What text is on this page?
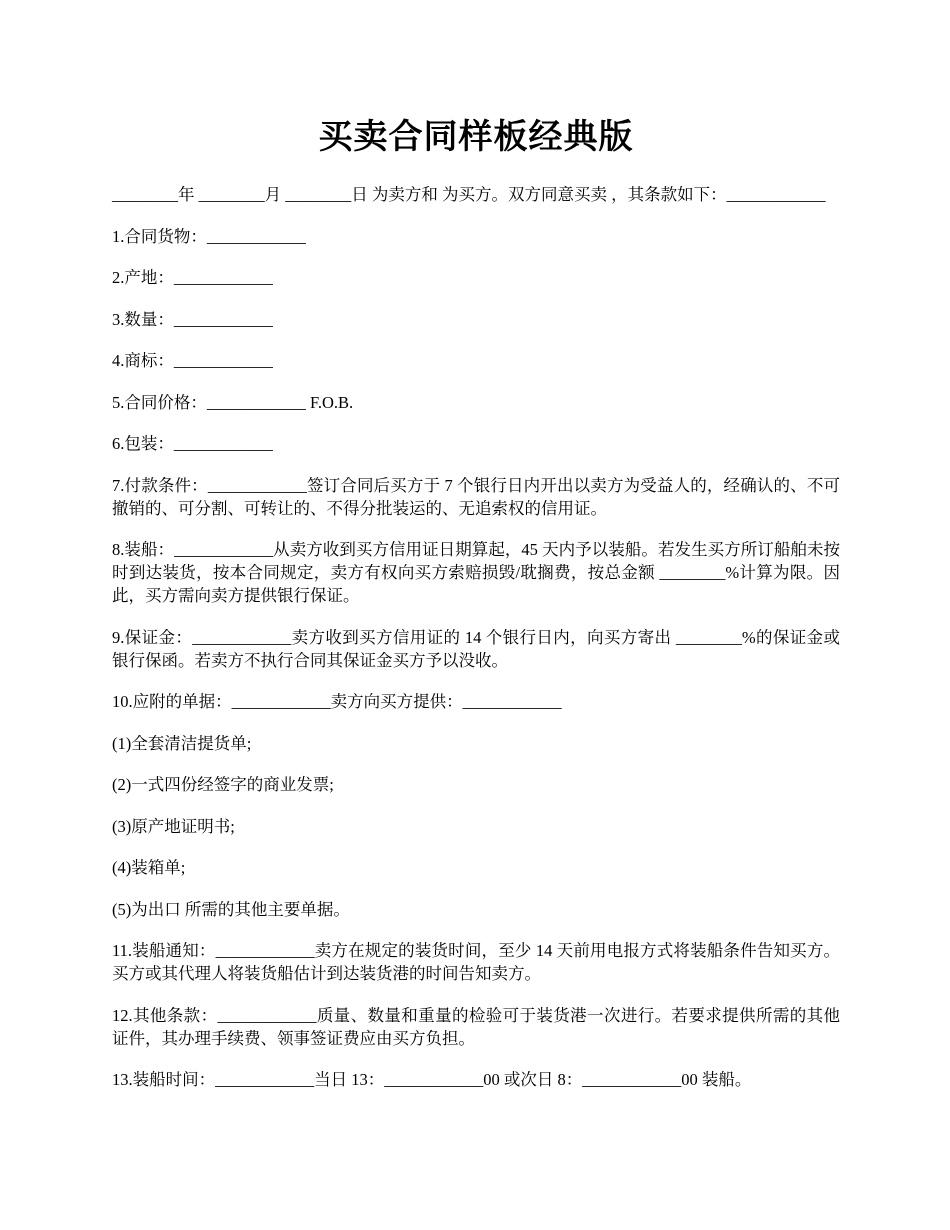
买卖合同样板经典版

________年 ________月 ________日 为卖方和 为买方。双方同意买卖 ，其条款如下：____________

1.合同货物：____________

2.产地：____________

3.数量：____________

4.商标：____________

5.合同价格：____________ F.O.B.

6.包装：____________

7.付款条件：____________签订合同后买方于 7 个银行日内开出以卖方为受益人的，经确认的、不可撤销的、可分割、可转让的、不得分批装运的、无追索权的信用证。

8.装船：____________从卖方收到买方信用证日期算起，45 天内予以装船。若发生买方所订船舶未按时到达装货，按本合同规定，卖方有权向买方索赔损毁/耽搁费，按总金额 ________%计算为限。因此，买方需向卖方提供银行保证。

9.保证金：____________卖方收到买方信用证的 14 个银行日内，向买方寄出 ________%的保证金或银行保函。若卖方不执行合同其保证金买方予以没收。

10.应附的单据：____________卖方向买方提供：____________

(1)全套清洁提货单;

(2)一式四份经签字的商业发票;

(3)原产地证明书;

(4)装箱单;

(5)为出口 所需的其他主要单据。

11.装船通知：____________卖方在规定的装货时间，至少 14 天前用电报方式将装船条件告知买方。买方或其代理人将装货船估计到达装货港的时间告知卖方。

12.其他条款：____________质量、数量和重量的检验可于装货港一次进行。若要求提供所需的其他证件，其办理手续费、领事签证费应由买方负担。

13.装船时间：____________当日 13：____________00 或次日 8：____________00 装船。
